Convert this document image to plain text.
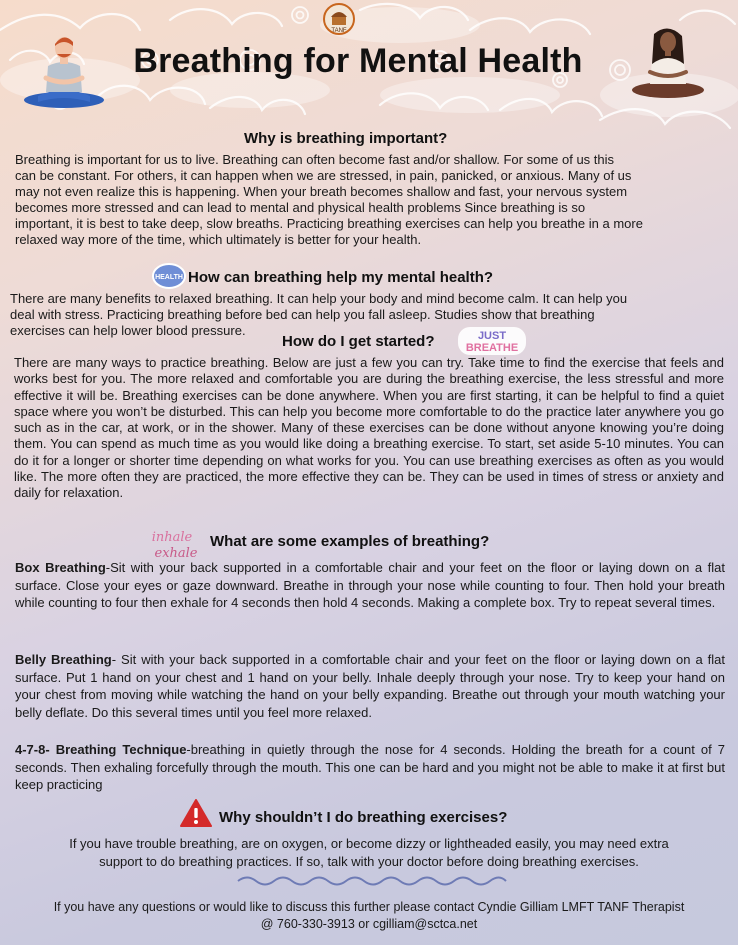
TANF
Breathing for Mental Health
Why is breathing important?
Breathing is important for us to live. Breathing can often become fast and/or shallow. For some of us this
can be constant. For others, it can happen when we are stressed, in pain, panicked, or anxious. Many of us
may not even realize this is happening. When your breath becomes shallow and fast, your nervous system
becomes more stressed and can lead to mental and physical health problems Since breathing is so
important, it is best to take deep, slow breaths. Practicing breathing exercises can help you breathe in a more
relaxed way more of the time, which ultimately is better for your health.
HEALTH How can breathing help my mental health?
There are many benefits to relaxed breathing. It can help your body and mind become calm. It can help you
deal with stress. Practicing breathing before bed can help you fall asleep. Studies show that breathing
exercises can help lower blood pressure.
How do I get started?	JUST
BREATHE
There are many ways to practice breathing. Below are just a few you can try. Take time to find the exercise that feels and works best for you. The more relaxed and comfortable you are during the breathing exercise, the less stressful and more effective it will be. Breathing exercises can be done anywhere. When you are first starting, it can be helpful to find a quiet space where you won’t be disturbed. This can help you become more comfortable to do the practice later anywhere you go such as in the car, at work, or in the shower. Many of these exercises can be done without anyone knowing you’re doing them. You can spend as much time as you would like doing a breathing exercise. To start, set aside 5-10 minutes. You can do it for a longer or shorter time depending on what works for you. You can use breathing exercises as often as you would like. The more often they are practiced, the more effective they can be. They can be used in times of stress or anxiety and daily for relaxation.
inhale
exhale
What are some examples of breathing?
Box Breathing-Sit with your back supported in a comfortable chair and your feet on the floor or laying down on a flat surface. Close your eyes or gaze downward. Breathe in through your nose while counting to four. Then hold your breath while counting to four then exhale for 4 seconds then hold 4 seconds. Making a complete box. Try to repeat several times.
Belly Breathing- Sit with your back supported in a comfortable chair and your feet on the floor or laying down on a flat surface. Put 1 hand on your chest and 1 hand on your belly. Inhale deeply through your nose. Try to keep your hand on your chest from moving while watching the hand on your belly expanding. Breathe out through your mouth watching your belly deflate. Do this several times until you feel more relaxed.
4-7-8- Breathing Technique-breathing in quietly through the nose for 4 seconds. Holding the breath for a count of 7 seconds. Then exhaling forcefully through the mouth. This one can be hard and you might not be able to make it at first but keep practicing
Why shouldn’t I do breathing exercises?
If you have trouble breathing, are on oxygen, or become dizzy or lightheaded easily, you may need extra
support to do breathing practices. If so, talk with your doctor before doing breathing exercises.
If you have any questions or would like to discuss this further please contact Cyndie Gilliam LMFT TANF Therapist
@ 760-330-3913 or cgilliam@sctca.net
